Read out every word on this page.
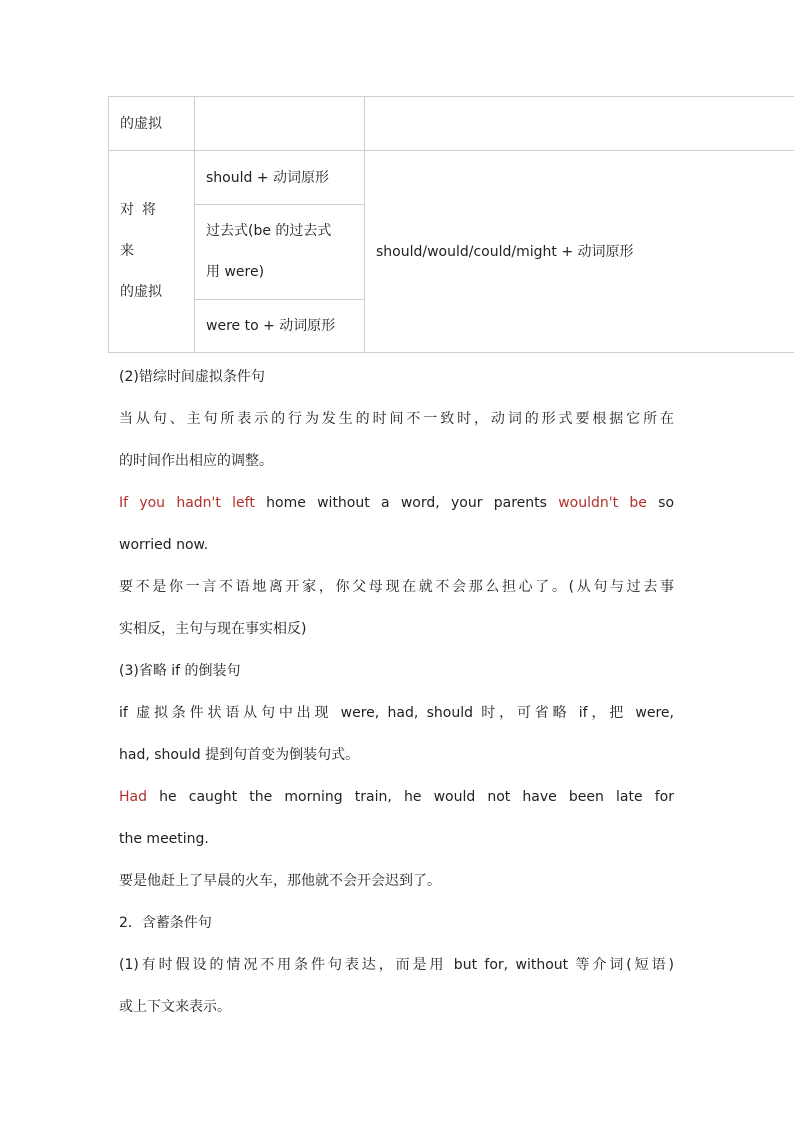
的虚拟		

对将来
的虚拟	should + 动词原形	should/would/could/might + 动词原形

	过去式(be 的过去式
用 were)	

	were to + 动词原形	
(2)错综时间虚拟条件句
当从句、主句所表示的行为发生的时间不一致时，动词的形式要根据它所在
的时间作出相应的调整。
If you hadn't left home without a word, your parents wouldn't be so
worried now.
要不是你一言不语地离开家，你父母现在就不会那么担心了。(从句与过去事
实相反，主句与现在事实相反)
(3)省略 if 的倒装句
if 虚拟条件状语从句中出现 were, had, should 时，可省略 if，把 were,
had, should 提到句首变为倒装句式。
Had he caught the morning train, he would not have been late for
the meeting.
要是他赶上了早晨的火车，那他就不会开会迟到了。
2．含蓄条件句
(1)有时假设的情况不用条件句表达，而是用 but for, without 等介词(短语)
或上下文来表示。
